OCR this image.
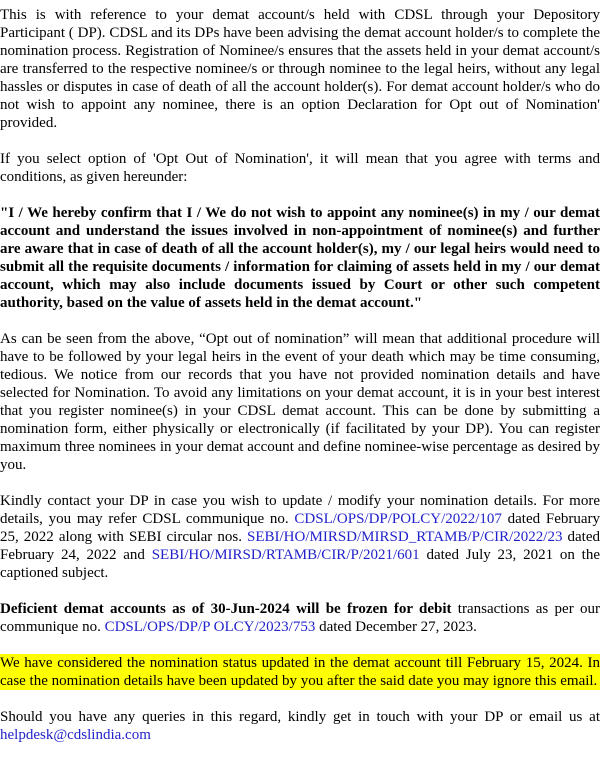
This is with reference to your demat account/s held with CDSL through your Depository Participant ( DP). CDSL and its DPs have been advising the demat account holder/s to complete the nomination process. Registration of Nominee/s ensures that the assets held in your demat account/s are transferred to the respective nominee/s or through nominee to the legal heirs, without any legal hassles or disputes in case of death of all the account holder(s). For demat account holder/s who do not wish to appoint any nominee, there is an option Declaration for Opt out of Nomination' provided.

If you select option of 'Opt Out of Nomination', it will mean that you agree with terms and conditions, as given hereunder:

"I / We hereby confirm that I / We do not wish to appoint any nominee(s) in my / our demat account and understand the issues involved in non-appointment of nominee(s) and further are aware that in case of death of all the account holder(s), my / our legal heirs would need to submit all the requisite documents / information for claiming of assets held in my / our demat account, which may also include documents issued by Court or other such competent authority, based on the value of assets held in the demat account."

As can be seen from the above, “Opt out of nomination” will mean that additional procedure will have to be followed by your legal heirs in the event of your death which may be time consuming, tedious. We notice from our records that you have not provided nomination details and have selected for Nomination. To avoid any limitations on your demat account, it is in your best interest that you register nominee(s) in your CDSL demat account. This can be done by submitting a nomination form, either physically or electronically (if facilitated by your DP). You can register maximum three nominees in your demat account and define nominee-wise percentage as desired by you.

Kindly contact your DP in case you wish to update / modify your nomination details. For more details, you may refer CDSL communique no. CDSL/OPS/DP/POLCY/2022/107 dated February 25, 2022 along with SEBI circular nos. SEBI/HO/MIRSD/MIRSD_RTAMB/P/CIR/2022/23 dated February 24, 2022 and SEBI/HO/MIRSD/RTAMB/CIR/P/2021/601 dated July 23, 2021 on the captioned subject.

Deficient demat accounts as of 30-Jun-2024 will be frozen for debit transactions as per our communique no. CDSL/OPS/DP/P OLCY/2023/753 dated December 27, 2023.

We have considered the nomination status updated in the demat account till February 15, 2024. In case the nomination details have been updated by you after the said date you may ignore this email.

Should you have any queries in this regard, kindly get in touch with your DP or email us at helpdesk@cdslindia.com
